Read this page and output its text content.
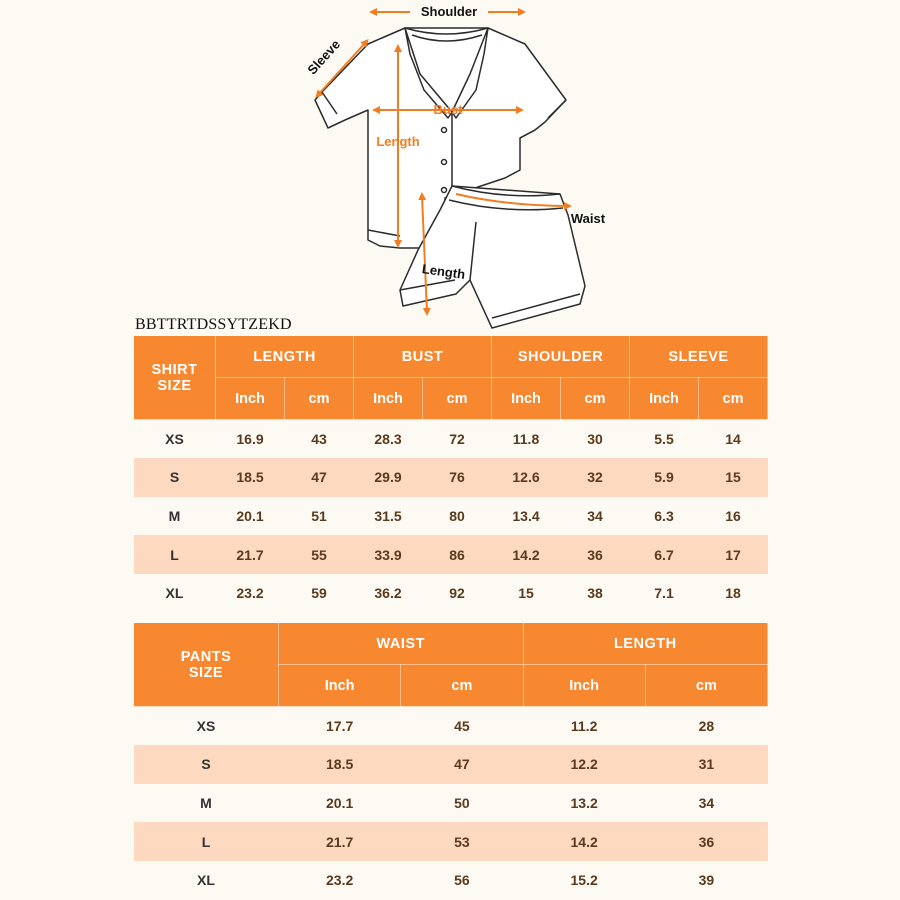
Shoulder
Sleeve
Bust
Length
Waist
Length
BBTTRTDSSYTZEKD
SHIRT
SIZE	LENGTH		BUST		SHOULDER		SLEEVE	
	Inch	cm	Inch	cm	Inch	cm	Inch	cm
XS	16.9	43	28.3	72	11.8	30	5.5	14
S	18.5	47	29.9	76	12.6	32	5.9	15
M	20.1	51	31.5	80	13.4	34	6.3	16
L	21.7	55	33.9	86	14.2	36	6.7	17
XL	23.2	59	36.2	92	15	38	7.1	18
PANTS
SIZE	WAIST		LENGTH	
	Inch	cm	Inch	cm
XS	17.7	45	11.2	28
S	18.5	47	12.2	31
M	20.1	50	13.2	34
L	21.7	53	14.2	36
XL	23.2	56	15.2	39
